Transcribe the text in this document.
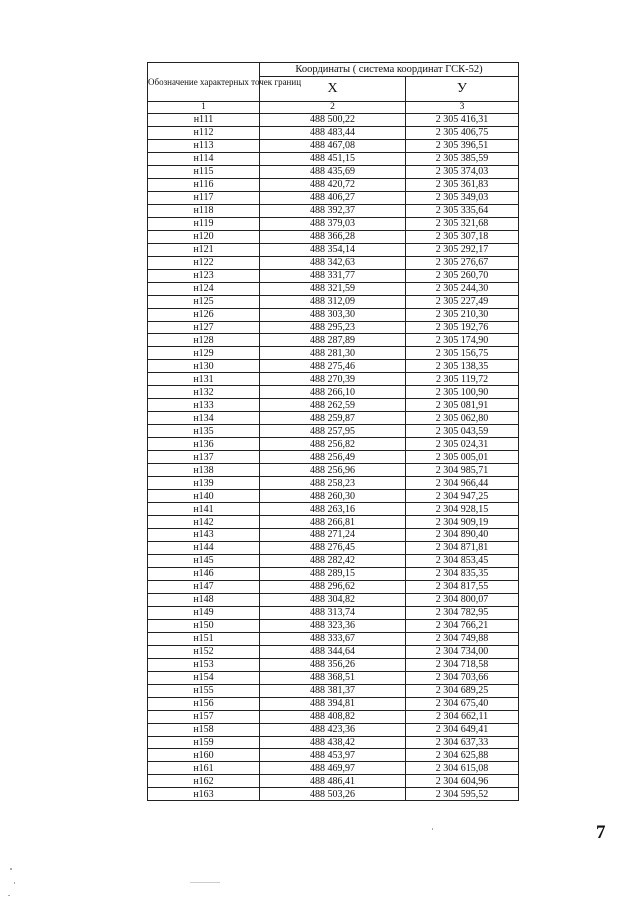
Обозначение характерных точек границ	Координаты ( система координат ГСК-52)	
	X	У
1	2	3
н111	488 500,22	2 305 416,31
н112	488 483,44	2 305 406,75
н113	488 467,08	2 305 396,51
н114	488 451,15	2 305 385,59
н115	488 435,69	2 305 374,03
н116	488 420,72	2 305 361,83
н117	488 406,27	2 305 349,03
н118	488 392,37	2 305 335,64
н119	488 379,03	2 305 321,68
н120	488 366,28	2 305 307,18
н121	488 354,14	2 305 292,17
н122	488 342,63	2 305 276,67
н123	488 331,77	2 305 260,70
н124	488 321,59	2 305 244,30
н125	488 312,09	2 305 227,49
н126	488 303,30	2 305 210,30
н127	488 295,23	2 305 192,76
н128	488 287,89	2 305 174,90
н129	488 281,30	2 305 156,75
н130	488 275,46	2 305 138,35
н131	488 270,39	2 305 119,72
н132	488 266,10	2 305 100,90
н133	488 262,59	2 305 081,91
н134	488 259,87	2 305 062,80
н135	488 257,95	2 305 043,59
н136	488 256,82	2 305 024,31
н137	488 256,49	2 305 005,01
н138	488 256,96	2 304 985,71
н139	488 258,23	2 304 966,44
н140	488 260,30	2 304 947,25
н141	488 263,16	2 304 928,15
н142	488 266,81	2 304 909,19
н143	488 271,24	2 304 890,40
н144	488 276,45	2 304 871,81
н145	488 282,42	2 304 853,45
н146	488 289,15	2 304 835,35
н147	488 296,62	2 304 817,55
н148	488 304,82	2 304 800,07
н149	488 313,74	2 304 782,95
н150	488 323,36	2 304 766,21
н151	488 333,67	2 304 749,88
н152	488 344,64	2 304 734,00
н153	488 356,26	2 304 718,58
н154	488 368,51	2 304 703,66
н155	488 381,37	2 304 689,25
н156	488 394,81	2 304 675,40
н157	488 408,82	2 304 662,11
н158	488 423,36	2 304 649,41
н159	488 438,42	2 304 637,33
н160	488 453,97	2 304 625,88
н161	488 469,97	2 304 615,08
н162	488 486,41	2 304 604,96
н163	488 503,26	2 304 595,52
7
